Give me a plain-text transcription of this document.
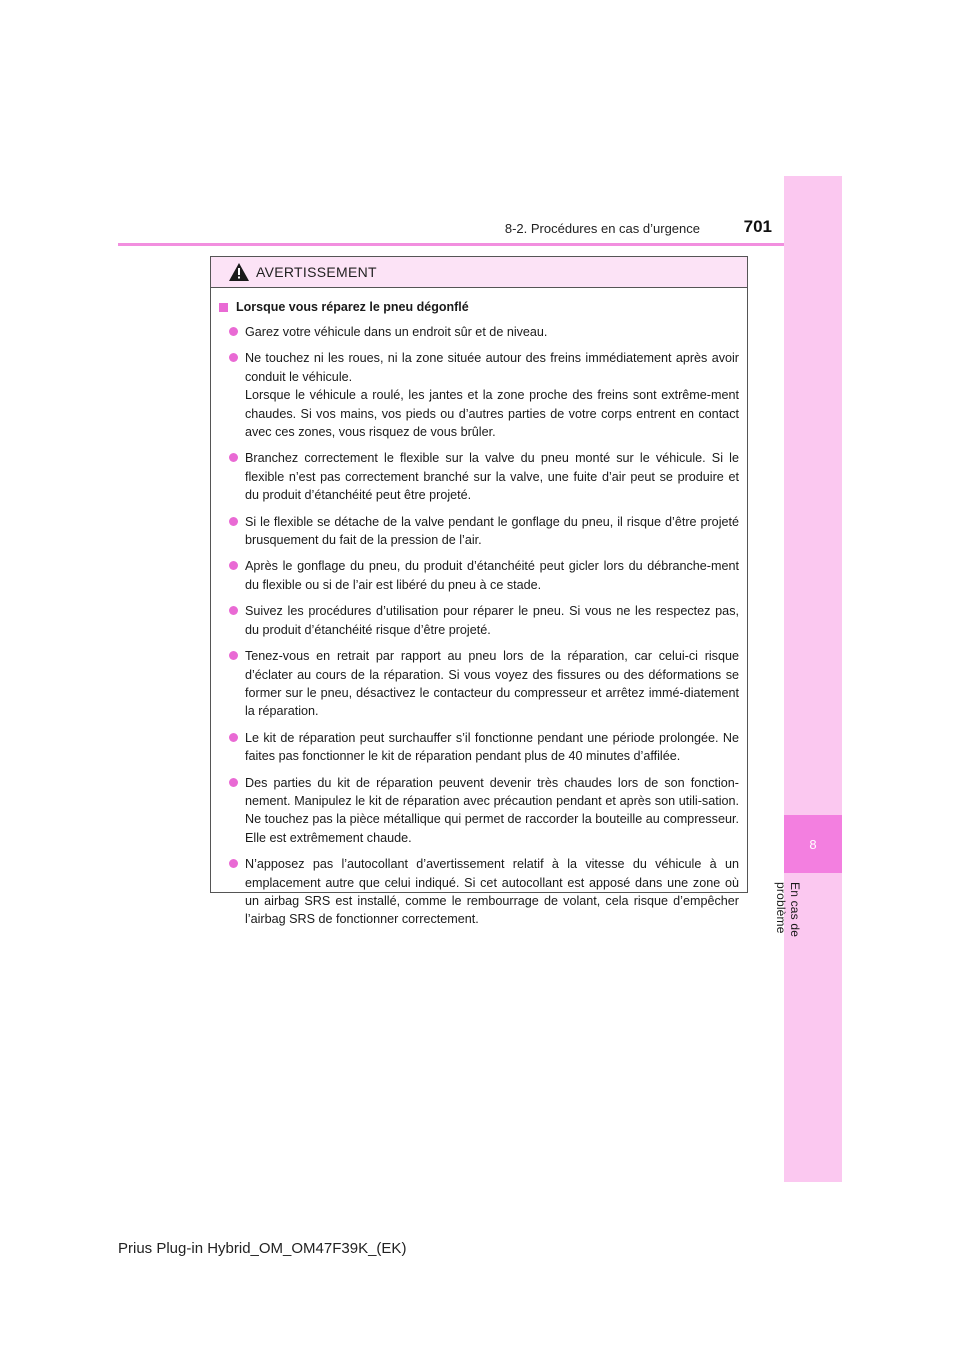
8
En cas de problème
8-2. Procédures en cas d’urgence	701
AVERTISSEMENT
Lorsque vous réparez le pneu dégonflé
Garez votre véhicule dans un endroit sûr et de niveau.
Ne touchez ni les roues, ni la zone située autour des freins immédiatement après avoir conduit le véhicule.
Lorsque le véhicule a roulé, les jantes et la zone proche des freins sont extrême-ment chaudes. Si vos mains, vos pieds ou d’autres parties de votre corps entrent en contact avec ces zones, vous risquez de vous brûler.
Branchez correctement le flexible sur la valve du pneu monté sur le véhicule. Si le flexible n’est pas correctement branché sur la valve, une fuite d’air peut se produire et du produit d’étanchéité peut être projeté.
Si le flexible se détache de la valve pendant le gonflage du pneu, il risque d’être projeté brusquement du fait de la pression de l’air.
Après le gonflage du pneu, du produit d’étanchéité peut gicler lors du débranche-ment du flexible ou si de l’air est libéré du pneu à ce stade.
Suivez les procédures d’utilisation pour réparer le pneu. Si vous ne les respectez pas, du produit d’étanchéité risque d’être projeté.
Tenez-vous en retrait par rapport au pneu lors de la réparation, car celui-ci risque d’éclater au cours de la réparation. Si vous voyez des fissures ou des déformations se former sur le pneu, désactivez le contacteur du compresseur et arrêtez immé-diatement la réparation.
Le kit de réparation peut surchauffer s’il fonctionne pendant une période prolongée. Ne faites pas fonctionner le kit de réparation pendant plus de 40 minutes d’affilée.
Des parties du kit de réparation peuvent devenir très chaudes lors de son fonction-nement. Manipulez le kit de réparation avec précaution pendant et après son utili-sation. Ne touchez pas la pièce métallique qui permet de raccorder la bouteille au compresseur. Elle est extrêmement chaude.
N’apposez pas l’autocollant d’avertissement relatif à la vitesse du véhicule à un emplacement autre que celui indiqué. Si cet autocollant est apposé dans une zone où un airbag SRS est installé, comme le rembourrage de volant, cela risque d’empêcher l’airbag SRS de fonctionner correctement.
Prius Plug-in Hybrid_OM_OM47F39K_(EK)
